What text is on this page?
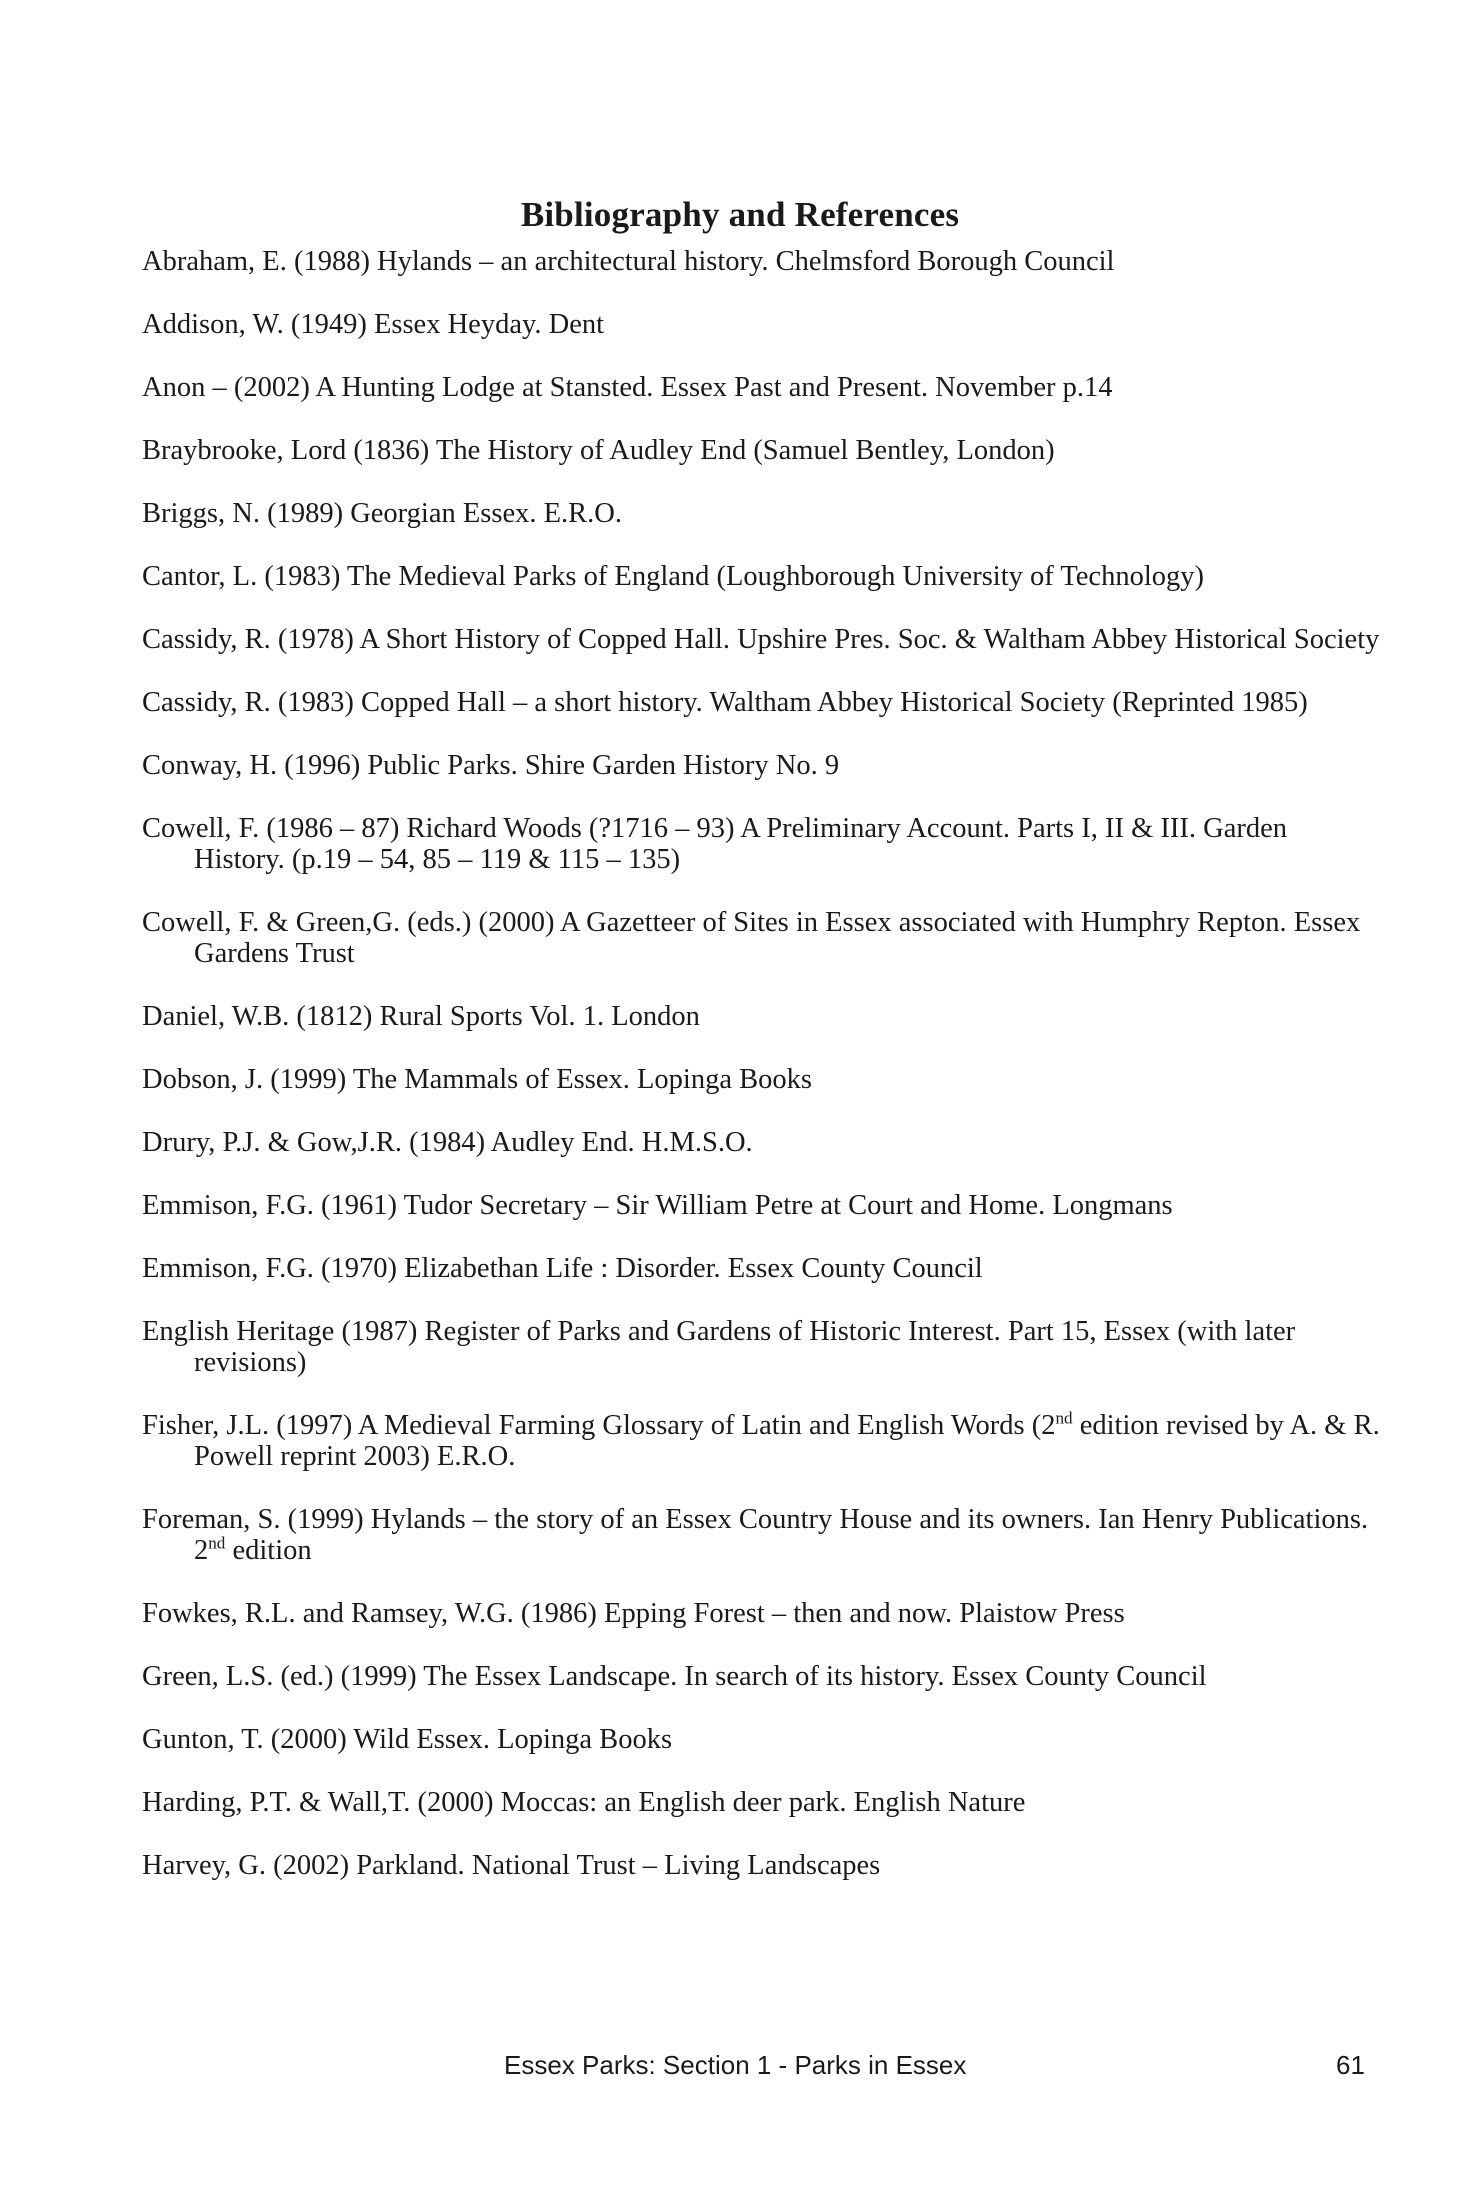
Bibliography and References
Abraham, E. (1988) Hylands – an architectural history. Chelmsford Borough Council
Addison, W. (1949) Essex Heyday. Dent
Anon – (2002) A Hunting Lodge at Stansted. Essex Past and Present. November p.14
Braybrooke, Lord (1836) The History of Audley End (Samuel Bentley, London)
Briggs, N. (1989) Georgian Essex. E.R.O.
Cantor, L. (1983) The Medieval Parks of England (Loughborough University of Technology)
Cassidy, R. (1978) A Short History of Copped Hall. Upshire Pres. Soc. & Waltham Abbey Historical Society
Cassidy, R. (1983) Copped Hall – a short history. Waltham Abbey Historical Society (Reprinted 1985)
Conway, H. (1996) Public Parks. Shire Garden History No. 9
Cowell, F. (1986 – 87) Richard Woods (?1716 – 93) A Preliminary Account. Parts I, II & III. Garden History. (p.19 – 54, 85 – 119 & 115 – 135)
Cowell, F. & Green,G. (eds.) (2000) A Gazetteer of Sites in Essex associated with Humphry Repton. Essex Gardens Trust
Daniel, W.B. (1812) Rural Sports Vol. 1. London
Dobson, J. (1999) The Mammals of Essex. Lopinga Books
Drury, P.J. & Gow,J.R. (1984) Audley End. H.M.S.O.
Emmison, F.G. (1961) Tudor Secretary – Sir William Petre at Court and Home. Longmans
Emmison, F.G. (1970) Elizabethan Life : Disorder. Essex County Council
English Heritage (1987) Register of Parks and Gardens of Historic Interest. Part 15, Essex (with later revisions)
Fisher, J.L. (1997) A Medieval Farming Glossary of Latin and English Words (2nd edition revised by A. & R. Powell reprint 2003) E.R.O.
Foreman, S. (1999) Hylands – the story of an Essex Country House and its owners. Ian Henry Publications. 2nd edition
Fowkes, R.L. and Ramsey, W.G. (1986) Epping Forest – then and now. Plaistow Press
Green, L.S. (ed.) (1999) The Essex Landscape. In search of its history. Essex County Council
Gunton, T. (2000) Wild Essex. Lopinga Books
Harding, P.T. & Wall,T. (2000) Moccas: an English deer park. English Nature
Harvey, G. (2002) Parkland. National Trust – Living Landscapes
Essex Parks: Section 1 - Parks in Essex	61
